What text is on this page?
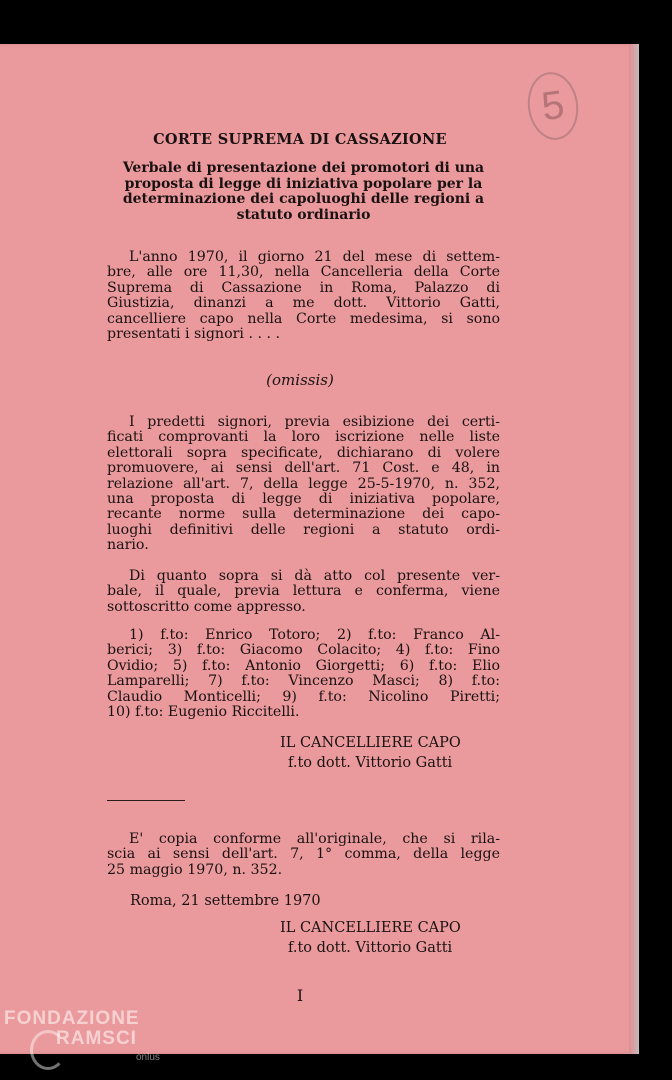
5

CORTE SUPREMA DI CASSAZIONE

Verbale di presentazione dei promotori di una
proposta di legge di iniziativa popolare per la
determinazione dei capoluoghi delle regioni a
statuto ordinario
L'anno 1970, il giorno 21 del mese di settem-
bre, alle ore 11,30, nella Cancelleria della Corte
Suprema di Cassazione in Roma, Palazzo di
Giustizia, dinanzi a me dott. Vittorio Gatti,
cancelliere capo nella Corte medesima, si sono
presentati i signori . . . .

(omissis)

I predetti signori, previa esibizione dei certi-
ficati comprovanti la loro iscrizione nelle liste
elettorali sopra specificate, dichiarano di volere
promuovere, ai sensi dell'art. 71 Cost. e 48, in
relazione all'art. 7, della legge 25-5-1970, n. 352,
una proposta di legge di iniziativa popolare,
recante norme sulla determinazione dei capo-
luoghi definitivi delle regioni a statuto ordi-
nario.
Di quanto sopra si dà atto col presente ver-
bale, il quale, previa lettura e conferma, viene
sottoscritto come appresso.
1) f.to: Enrico Totoro; 2) f.to: Franco Al-
berici; 3) f.to: Giacomo Colacito; 4) f.to: Fino
Ovidio; 5) f.to: Antonio Giorgetti; 6) f.to: Elio
Lamparelli; 7) f.to: Vincenzo Masci; 8) f.to:
Claudio Monticelli; 9) f.to: Nicolino Piretti;
10) f.to: Eugenio Riccitelli.
IL CANCELLIERE CAPO
f.to dott. Vittorio Gatti
E' copia conforme all'originale, che si rila-
scia ai sensi dell'art. 7, 1° comma, della legge
25 maggio 1970, n. 352.

Roma, 21 settembre 1970

IL CANCELLIERE CAPO
f.to dott. Vittorio Gatti

I

FONDAZIONE
RAMSCI
onlus
